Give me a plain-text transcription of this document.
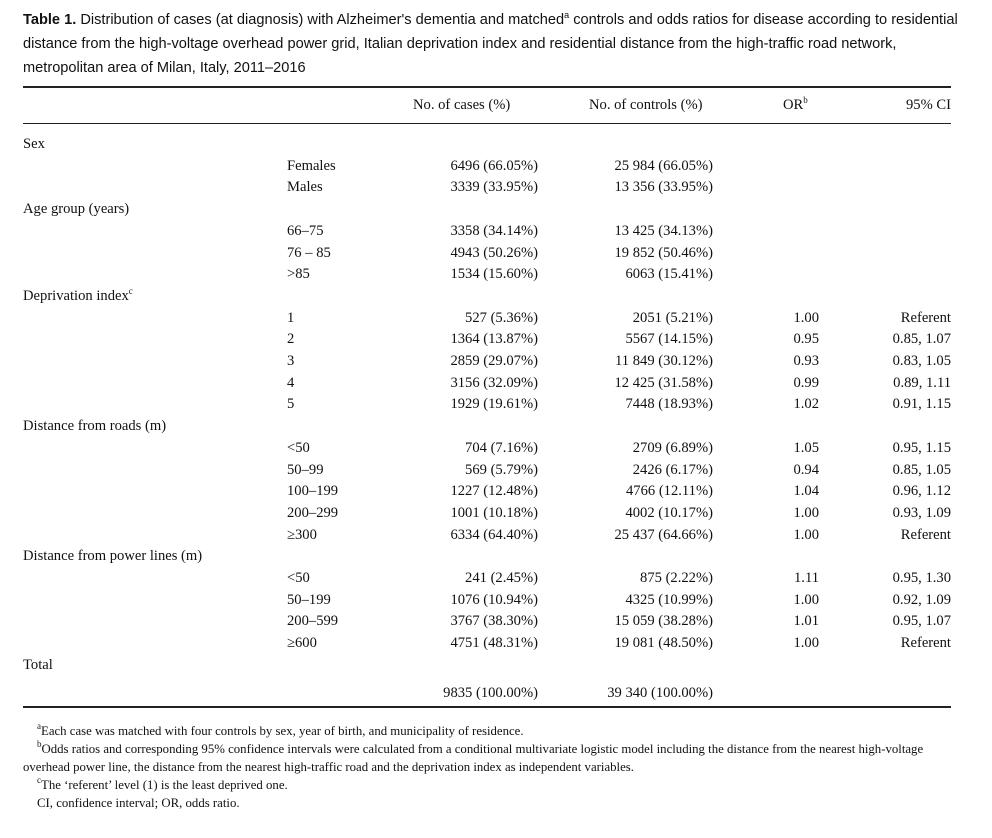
Table 1. Distribution of cases (at diagnosis) with Alzheimer's dementia and matched$^a$ controls and odds ratios for disease according to residential distance from the high-voltage overhead power grid, Italian deprivation index and residential distance from the high-traffic road network, metropolitan area of Milan, Italy, 2011–2016
No. of cases (%)	No. of controls (%)	$OR^b$	95% CI
Sex
Females	6496 (66.05%)	25 984 (66.05%)
Males	3339 (33.95%)	13 356 (33.95%)
Age group (years)
66–75	3358 (34.14%)	13 425 (34.13%)
76 – 85	4943 (50.26%)	19 852 (50.46%)
>85	1534 (15.60%)	6063 (15.41%)
Deprivation index$^c$
1	527 (5.36%)	2051 (5.21%)	1.00	Referent
2	1364 (13.87%)	5567 (14.15%)	0.95	0.85, 1.07
3	2859 (29.07%)	11 849 (30.12%)	0.93	0.83, 1.05
4	3156 (32.09%)	12 425 (31.58%)	0.99	0.89, 1.11
5	1929 (19.61%)	7448 (18.93%)	1.02	0.91, 1.15
Distance from roads (m)
<50	704 (7.16%)	2709 (6.89%)	1.05	0.95, 1.15
50–99	569 (5.79%)	2426 (6.17%)	0.94	0.85, 1.05
100–199	1227 (12.48%)	4766 (12.11%)	1.04	0.96, 1.12
200–299	1001 (10.18%)	4002 (10.17%)	1.00	0.93, 1.09
≥300	6334 (64.40%)	25 437 (64.66%)	1.00	Referent
Distance from power lines (m)
<50	241 (2.45%)	875 (2.22%)	1.11	0.95, 1.30
50–199	1076 (10.94%)	4325 (10.99%)	1.00	0.92, 1.09
200–599	3767 (38.30%)	15 059 (38.28%)	1.01	0.95, 1.07
≥600	4751 (48.31%)	19 081 (48.50%)	1.00	Referent
Total
9835 (100.00%)	39 340 (100.00%)

$^a$Each case was matched with four controls by sex, year of birth, and municipality of residence.

$^b$Odds ratios and corresponding 95% confidence intervals were calculated from a conditional multivariate logistic model including the distance from the nearest high-voltage overhead power line, the distance from the nearest high-traffic road and the deprivation index as independent variables.

$^c$The ‘referent’ level (1) is the least deprived one.

CI, confidence interval; OR, odds ratio.
